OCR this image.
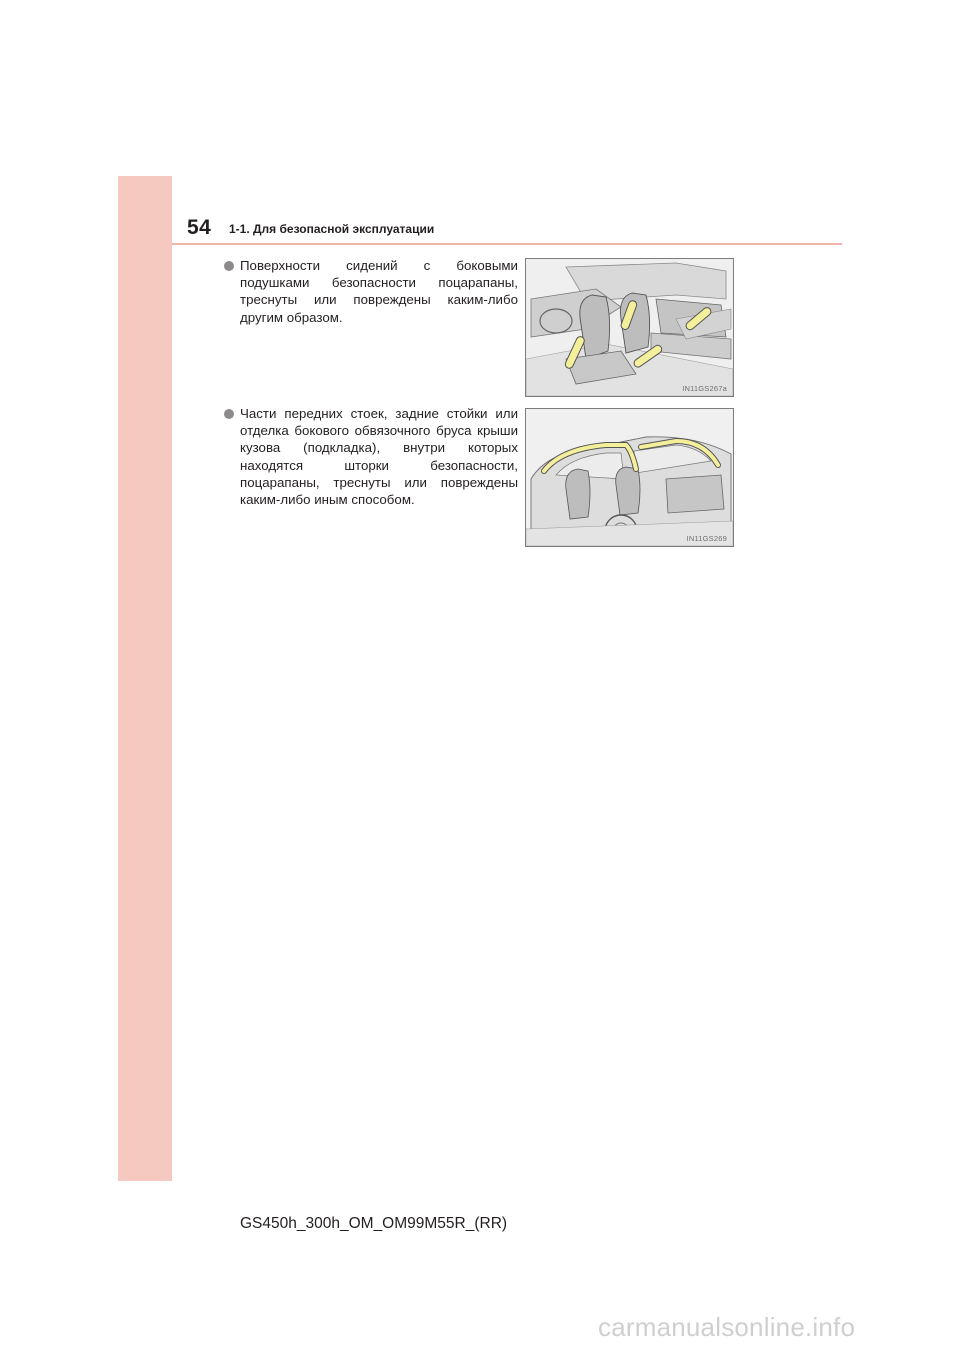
54 1-1. Для безопасной эксплуатации
Поверхности сидений с боковыми подушками безопасности поцарапаны, треснуты или повреждены каким-либо другим образом.
Части передних стоек, задние стойки или отделка бокового обвязочного бруса крыши кузова (подкладка), внутри которых находятся шторки безопасности, поцарапаны, треснуты или повреждены каким-либо иным способом.
IN11GS267a
IN11GS269
GS450h_300h_OM_OM99M55R_(RR)
carmanualsonline.info
